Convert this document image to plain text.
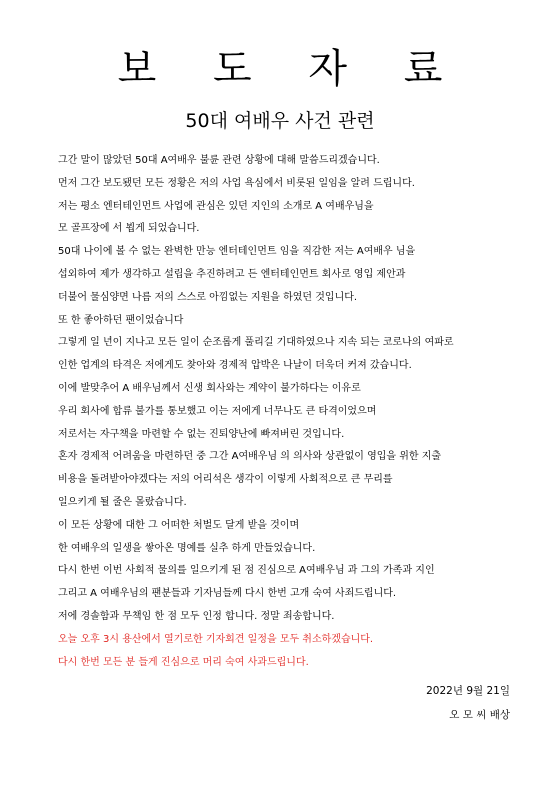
보 도 자 료
50대 여배우 사건 관련
그간 말이 많았던 50대 A여배우 불륜 관련 상황에 대해 말씀드리겠습니다.
먼저 그간 보도됐던 모든 정황은 저의 사업 욕심에서 비롯된 일임을 알려 드립니다.
저는 평소 엔터테인먼트 사업에 관심은 있던 지인의 소개로 A 여배우님을
모 골프장에 서 뵙게 되었습니다.
50대 나이에 볼 수 없는 완벽한 만능 엔터테인먼트 임을 직감한 저는 A여배우 님을
섭외하여 제가 생각하고 설립을 추진하려고 든 엔터테인먼트 회사로 영입 제안과
더불어 물심양면 나름 저의 스스로 아낌없는 지원을 하였던 것입니다.
또 한 좋아하던 팬이었습니다
그렇게 일 년이 지나고 모든 일이 순조롭게 풀리길 기대하였으나 지속 되는 코로나의 여파로
인한 업계의 타격은 저에게도 찾아와 경제적 압박은 나날이 더욱더 커져 갔습니다.
이에 발맞추어 A 배우님께서 신생 회사와는 계약이 불가하다는 이유로
우리 회사에 합류 불가를 통보했고 이는 저에게 너무나도 큰 타격이었으며
저로서는 자구책을 마련할 수 없는 진퇴양난에 빠져버린 것입니다.
혼자 경제적 어려움을 마련하던 중 그간 A여배우님 의 의사와 상관없이 영입을 위한 지출
비용을 돌려받아야겠다는 저의 어리석은 생각이 이렇게 사회적으로 큰 무리를
일으키게 될 줄은 몰랐습니다.
이 모든 상황에 대한 그 어떠한 처벌도 달게 받을 것이며
한 여배우의 일생을 쌓아온 명예를 실추 하게 만들었습니다.
다시 한번 이번 사회적 물의를 일으키게 된 점 진심으로 A여배우님 과 그의 가족과 지인
그리고 A 여배우님의 팬분들과 기자님들께 다시 한번 고개 숙여 사죄드립니다.
저에 경솔함과 무책임 한 점 모두 인정 합니다. 정말 죄송합니다.
오늘 오후 3시 용산에서 열기로한 기자회견 일정을 모두 취소하겠습니다.
다시 한번 모든 분 들게 진심으로 머리 숙여 사과드립니다.
2022년 9월 21일
오 모 씨 배상
